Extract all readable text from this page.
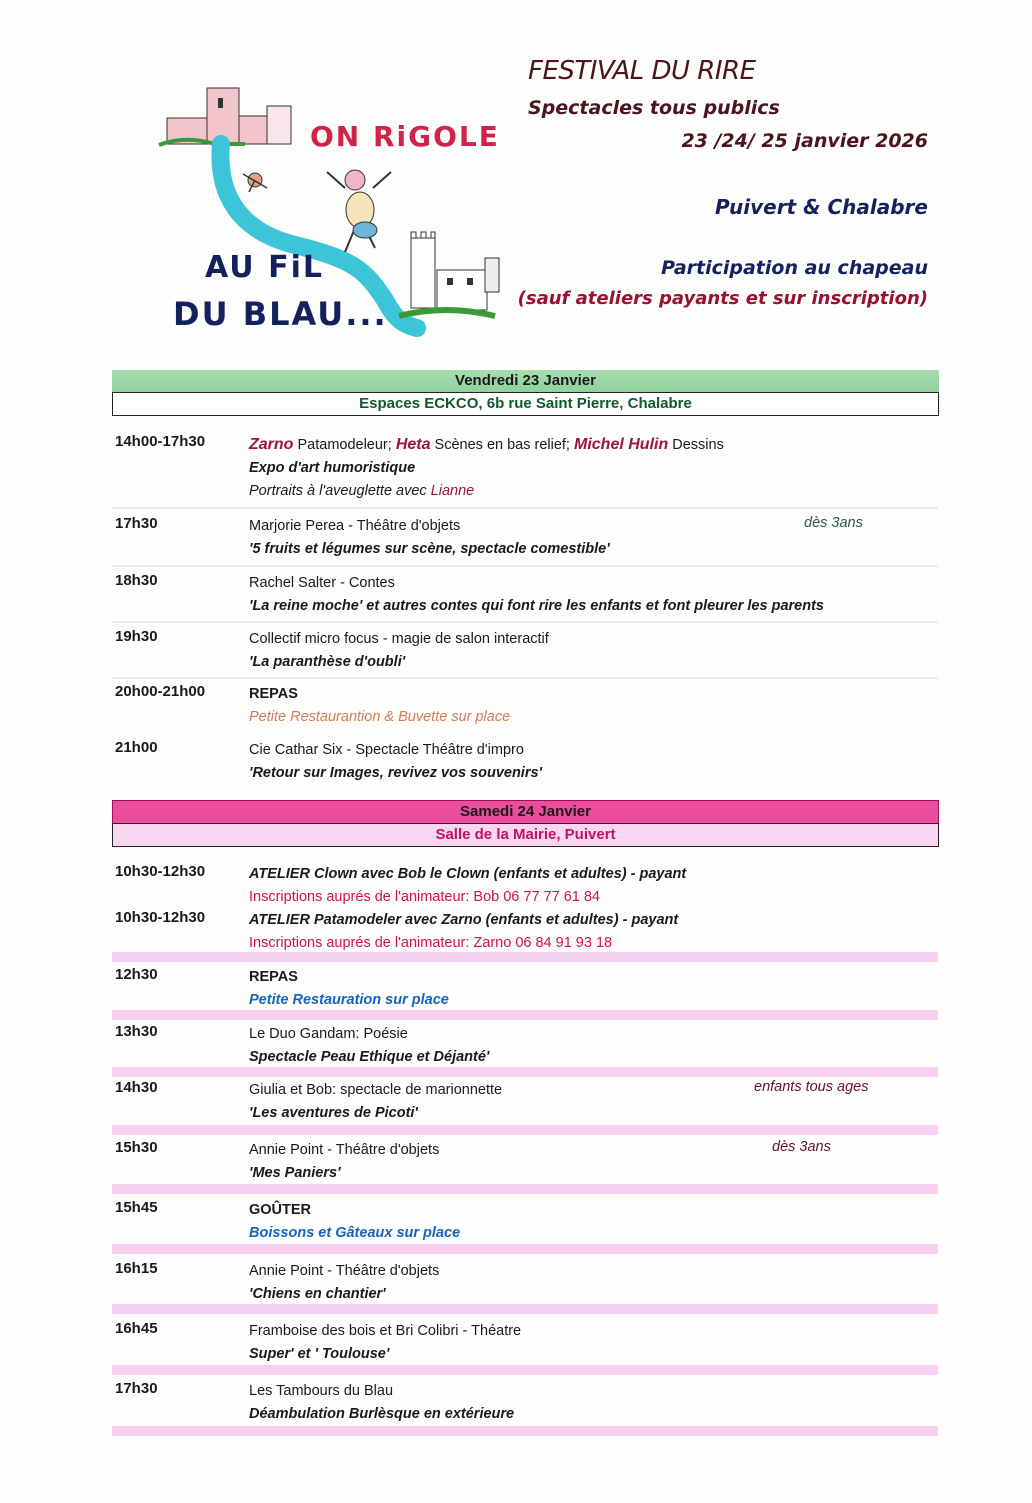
ON RiGOLE
AU FiL
DU BLAU...
FESTIVAL DU RIRE
Spectacles tous publics
23 /24/ 25 janvier 2026
Puivert & Chalabre
Participation au chapeau
(sauf ateliers payants et sur inscription)
Vendredi 23 Janvier
Espaces ECKCO, 6b rue Saint Pierre, Chalabre
14h00-17h30	Zarno Patamodeleur; Heta Scènes en bas relief; Michel Hulin Dessins
Expo d'art humoristique
Portraits à l'aveuglette avec Lianne
17h30	Marjorie Perea - Théâtre d'objets
'5 fruits et légumes sur scène, spectacle comestible'
dès 3ans
18h30	Rachel Salter - Contes
'La reine moche' et autres contes qui font rire les enfants et font pleurer les parents
19h30	Collectif micro focus - magie de salon interactif
'La paranthèse d'oubli'
20h00-21h00	REPAS
Petite Restaurantion & Buvette sur place
21h00	Cie Cathar Six - Spectacle Théâtre d'impro
'Retour sur Images, revivez vos souvenirs'
Samedi 24 Janvier
Salle de la Mairie, Puivert
10h30-12h30	ATELIER Clown avec Bob le Clown (enfants et adultes) - payant
Inscriptions auprés de l'animateur: Bob 06 77 77 61 84
10h30-12h30	ATELIER Patamodeler avec Zarno (enfants et adultes) - payant
Inscriptions auprés de l'animateur: Zarno 06 84 91 93 18
12h30	REPAS
Petite Restauration sur place
13h30	Le Duo Gandam: Poésie
Spectacle Peau Ethique et Déjanté'
14h30	Giulia et Bob: spectacle de marionnette
'Les aventures de Picoti'
enfants tous ages
15h30	Annie Point - Théâtre d'objets
'Mes Paniers'
dès 3ans
15h45	GOÛTER
Boissons et Gâteaux sur place
16h15	Annie Point - Théâtre d'objets
'Chiens en chantier'
16h45	Framboise des bois et Bri Colibri - Théatre
Super' et ' Toulouse'
17h30	Les Tambours du Blau
Déambulation Burlèsque en extérieure
